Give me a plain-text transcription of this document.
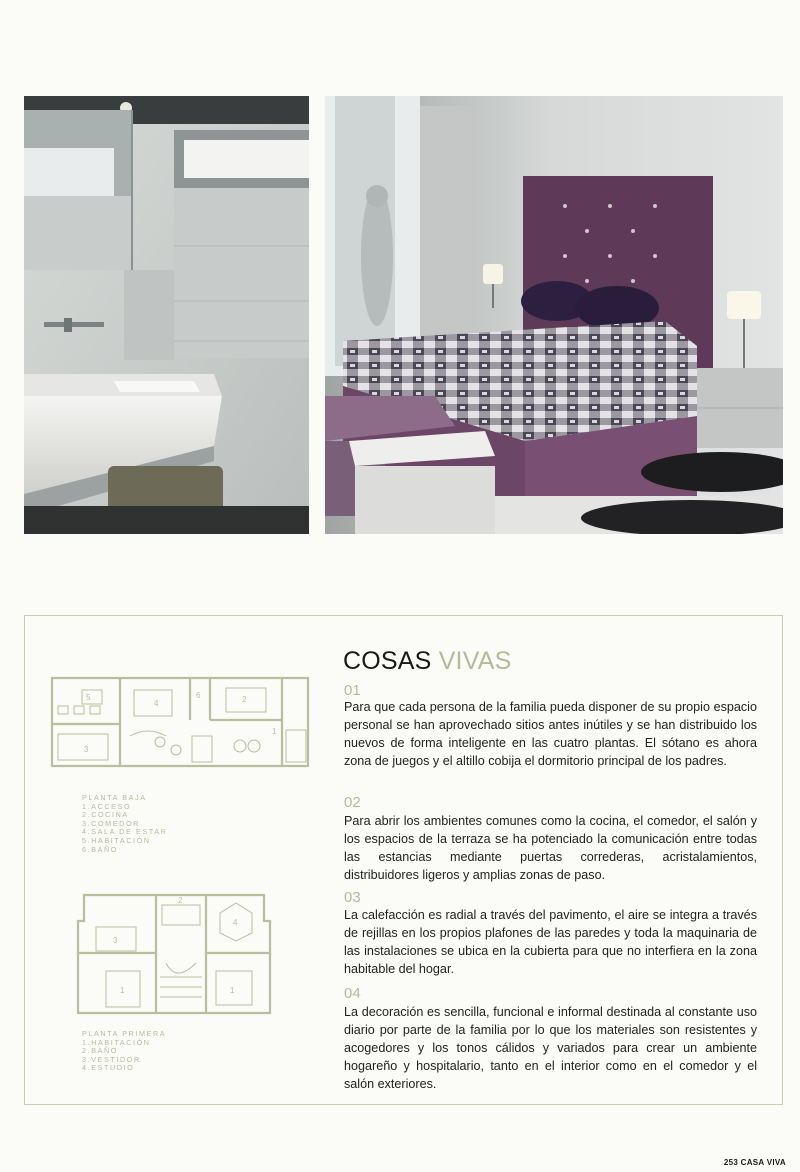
5
3
4
6	2
1
PLANTA BAJA
1.ACCESO
2.COCINA
3.COMEDOR
4.SALA DE ESTAR
5.HABITACIÓN
6.BAÑO
3
1
2
4
1
PLANTA PRIMERA
1.HABITACIÓN
2.BAÑO
3.VESTIDOR
4.ESTUDIO
COSAS VIVAS
01
Para que cada persona de la familia pueda disponer de su propio espacio personal se han aprovechado sitios antes inútiles y se han distribuido los nuevos de forma inteligente en las cuatro plantas. El sótano es ahora zona de juegos y el altillo cobija el dormitorio principal de los padres.
02
Para abrir los ambientes comunes como la cocina, el comedor, el salón y los espacios de la terraza se ha potenciado la comunicación entre todas las estancias mediante puertas correderas, acristalamientos, distribuidores ligeros y amplias zonas de paso.
03
La calefacción es radial a través del pavimento, el aire se integra a través de rejillas en los propios plafones de las paredes y toda la maquinaria de las instalaciones se ubica en la cubierta para que no interfiera en la zona habitable del hogar.
04
La decoración es sencilla, funcional e informal destinada al constante uso diario por parte de la familia por lo que los materiales son resistentes y acogedores y los tonos cálidos y variados para crear un ambiente hogareño y hospitalario, tanto en el interior como en el comedor y el salón exteriores.
253 CASA VIVA
